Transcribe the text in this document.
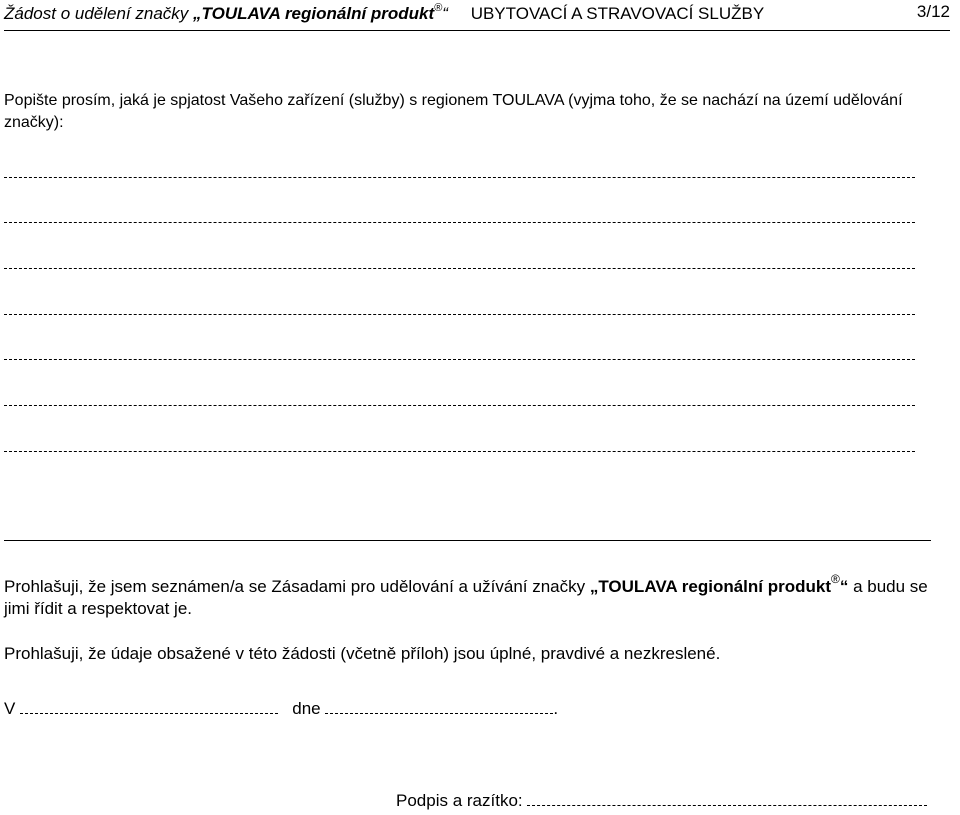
Žádost o udělení značky „TOULAVA regionální produkt®“ UBYTOVACÍ A STRAVOVACÍ SLUŽBY	3/12
Popište prosím, jaká je spjatost Vašeho zařízení (služby) s regionem TOULAVA (vyjma toho, že se nachází na území udělování značky):
Prohlašuji, že jsem seznámen/a se Zásadami pro udělování a užívání značky „TOULAVA regionální produkt®“ a budu se jimi řídit a respektovat je.
Prohlašuji, že údaje obsažené v této žádosti (včetně příloh) jsou úplné, pravdivé a nezkreslené.
V	dne	.
Podpis a razítko:
